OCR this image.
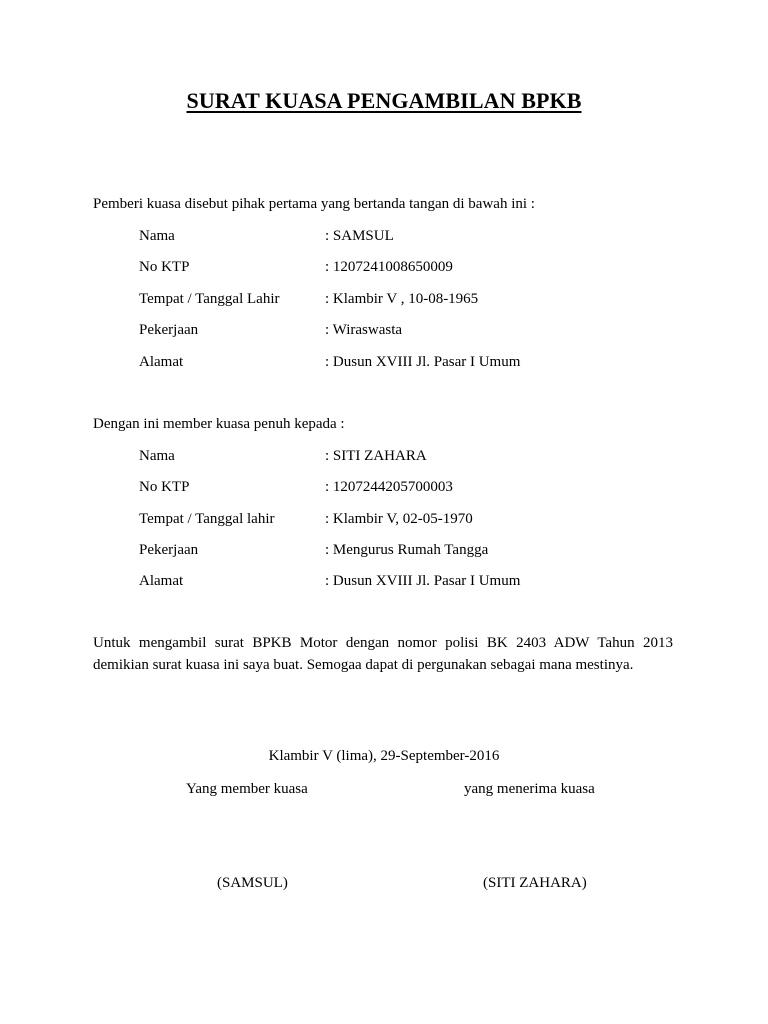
SURAT KUASA PENGAMBILAN BPKB
Pemberi kuasa disebut pihak pertama yang bertanda tangan di bawah ini :
Nama	: SAMSUL
No KTP	: 1207241008650009
Tempat / Tanggal Lahir	: Klambir V , 10-08-1965
Pekerjaan	: Wiraswasta
Alamat	: Dusun XVIII Jl. Pasar I Umum
Dengan ini member kuasa penuh kepada :
Nama	: SITI ZAHARA
No KTP	: 1207244205700003
Tempat / Tanggal lahir	: Klambir V, 02-05-1970
Pekerjaan	: Mengurus Rumah Tangga
Alamat	: Dusun XVIII Jl. Pasar I Umum
Untuk mengambil surat BPKB Motor dengan nomor polisi BK 2403 ADW Tahun 2013
demikian surat kuasa ini saya buat. Semogaa dapat di pergunakan sebagai mana mestinya.
Klambir V (lima), 29-September-2016
Yang member kuasa	yang menerima kuasa
(SAMSUL)	(SITI ZAHARA)
